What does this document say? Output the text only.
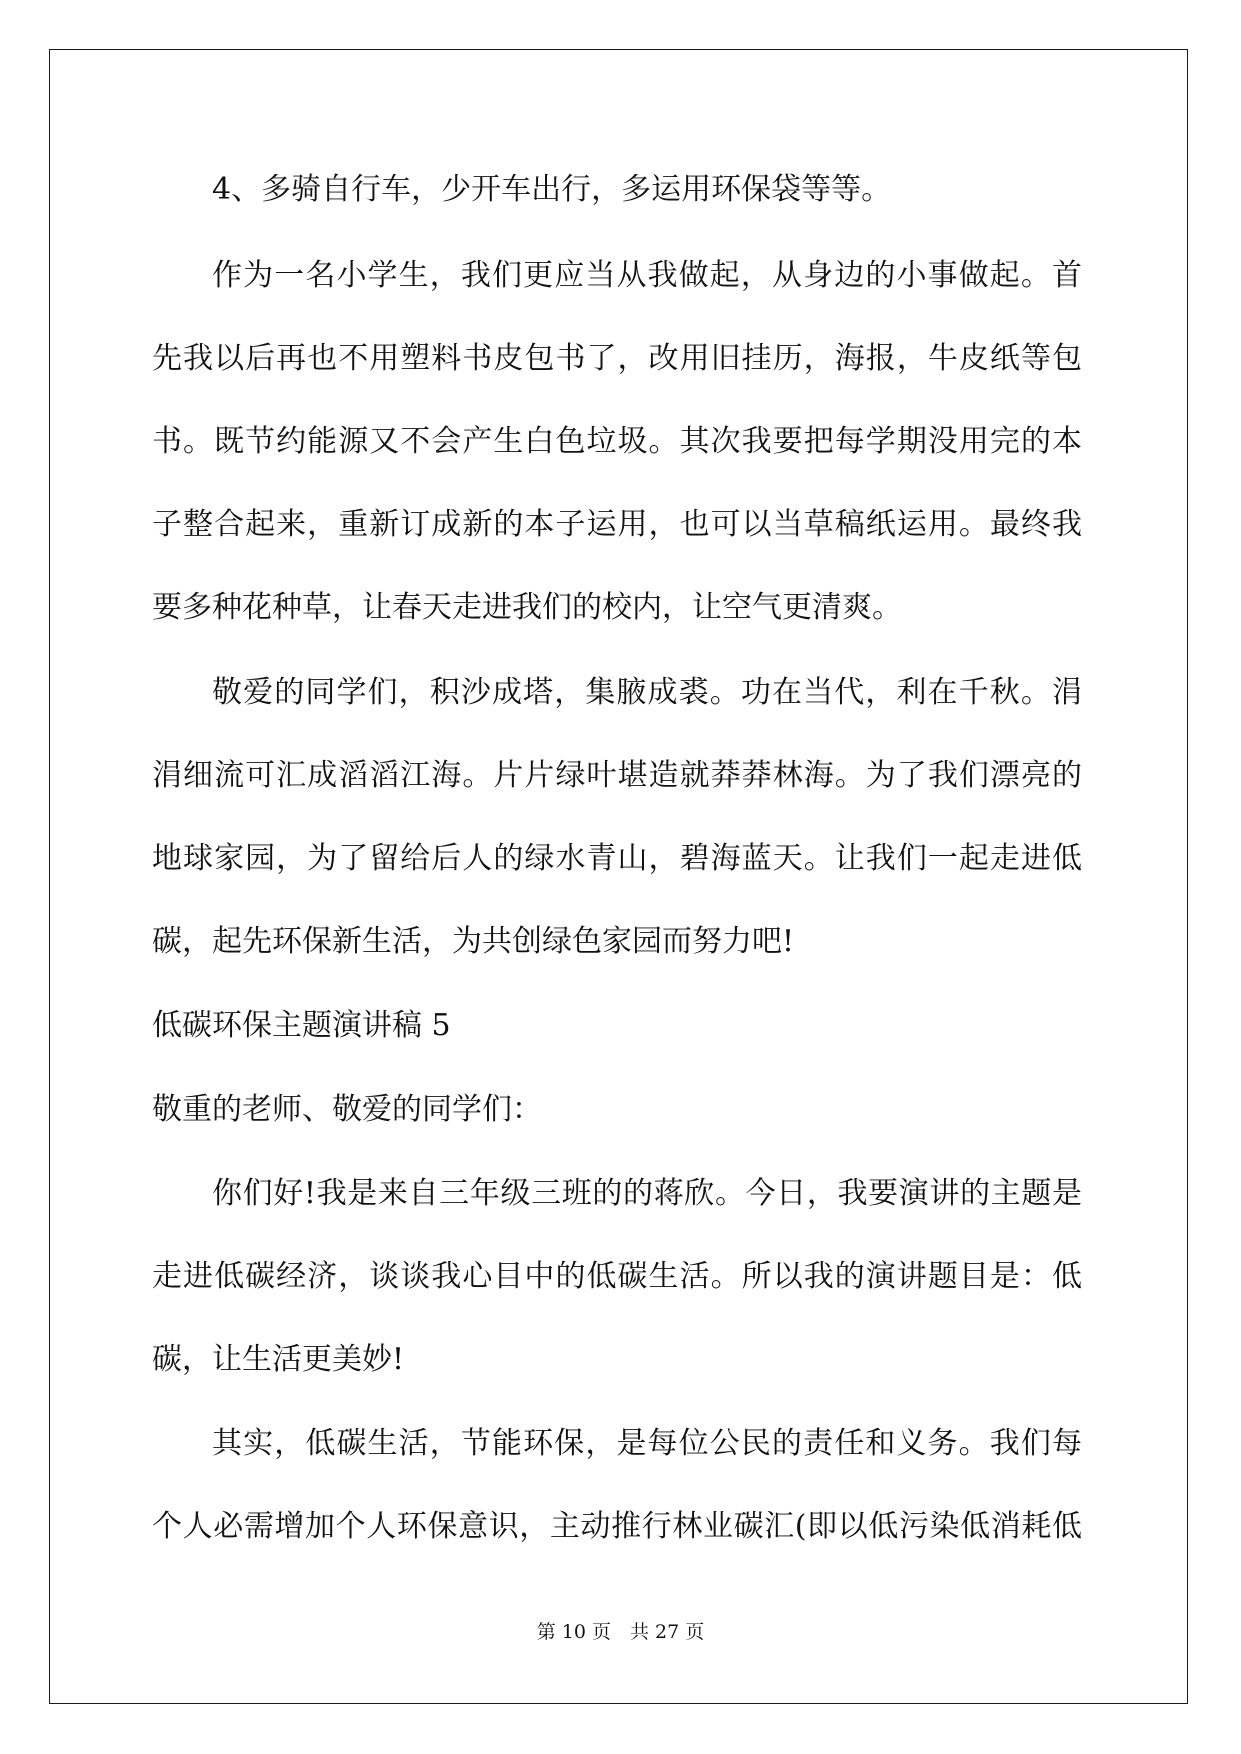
4、多骑自行车，少开车出行，多运用环保袋等等。

作为一名小学生，我们更应当从我做起，从身边的小事做起。首

先我以后再也不用塑料书皮包书了，改用旧挂历，海报，牛皮纸等包

书。既节约能源又不会产生白色垃圾。其次我要把每学期没用完的本

子整合起来，重新订成新的本子运用，也可以当草稿纸运用。最终我

要多种花种草，让春天走进我们的校内，让空气更清爽。

敬爱的同学们，积沙成塔，集腋成裘。功在当代，利在千秋。涓

涓细流可汇成滔滔江海。片片绿叶堪造就莽莽林海。为了我们漂亮的

地球家园，为了留给后人的绿水青山，碧海蓝天。让我们一起走进低

碳，起先环保新生活，为共创绿色家园而努力吧!

低碳环保主题演讲稿 5

敬重的老师、敬爱的同学们：

你们好!我是来自三年级三班的的蒋欣。今日，我要演讲的主题是

走进低碳经济，谈谈我心目中的低碳生活。所以我的演讲题目是：低

碳，让生活更美妙!

其实，低碳生活，节能环保，是每位公民的责任和义务。我们每

个人必需增加个人环保意识，主动推行林业碳汇(即以低污染低消耗低

第 10 页　共 27 页
